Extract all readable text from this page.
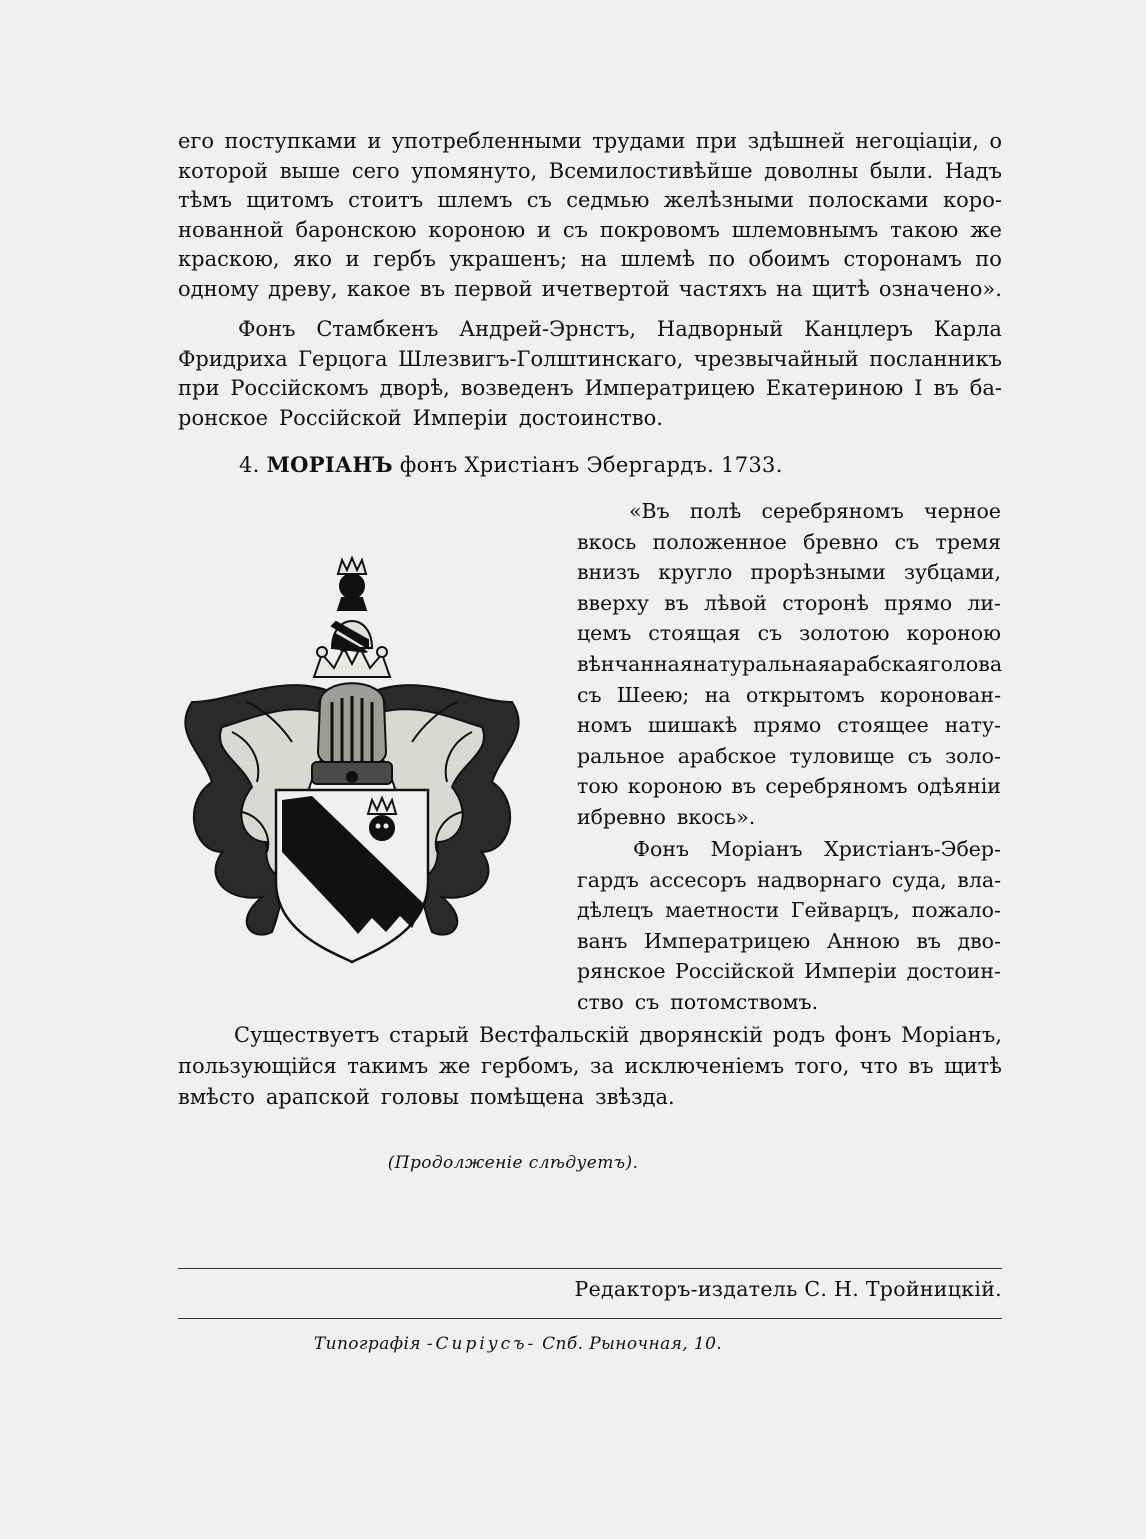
его поступками и употребленными трудами при здѣшней негоціаціи, о
которой выше сего упомянуто, Всемилостивѣйше доволны были. Надъ
тѣмъ щитомъ стоитъ шлемъ съ седмью желѣзными полосками коро-
нованной баронскою короною и съ покровомъ шлемовнымъ такою же
краскою, яко и гербъ украшенъ; на шлемѣ по обоимъ сторонамъ по
одному древу, какое въ первой ичетвертой частяхъ на щитѣ означено».
Фонъ Стамбкенъ Андрей-Эрнстъ, Надворный Канцлеръ Карла
Фридриха Герцога Шлезвигъ-Голштинскаго, чрезвычайный посланникъ
при Россійскомъ дворѣ, возведенъ Императрицею Екатериною I въ ба-
ронское Россійской Имперіи достоинство.
4. МОРІАНЪ фонъ Христіанъ Эбергардъ. 1733.
«Въ полѣ серебряномъ черное
вкось положенное бревно съ тремя
внизъ кругло прорѣзными зубцами,
вверху въ лѣвой сторонѣ прямо ли-
цемъ стоящая съ золотою короною
вѣнчанная натуральная арабская голова
съ Шеею; на открытомъ коронован-
номъ шишакѣ прямо стоящее нату-
ральное арабское туловище съ золо-
тою короною въ серебряномъ одѣяніи
ибревно вкось».
Фонъ Моріанъ Христіанъ-Эбер-
гардъ ассесоръ надворнаго суда, вла-
дѣлецъ маетности Гейварцъ, пожало-
ванъ Императрицею Анною въ дво-
рянское Россійской Имперіи достоин-
ство съ потомствомъ.
Существуетъ старый Вестфальскій дворянскій родъ фонъ Моріанъ,
пользующійся такимъ же гербомъ, за исключеніемъ того, что въ щитѣ
вмѣсто арапской головы помѣщена звѣзда.
(Продолженіе слѣдуетъ).
Редакторъ-издатель С. Н. Тройницкій.
Типографія -Сиріусъ- Спб. Рыночная, 10.
